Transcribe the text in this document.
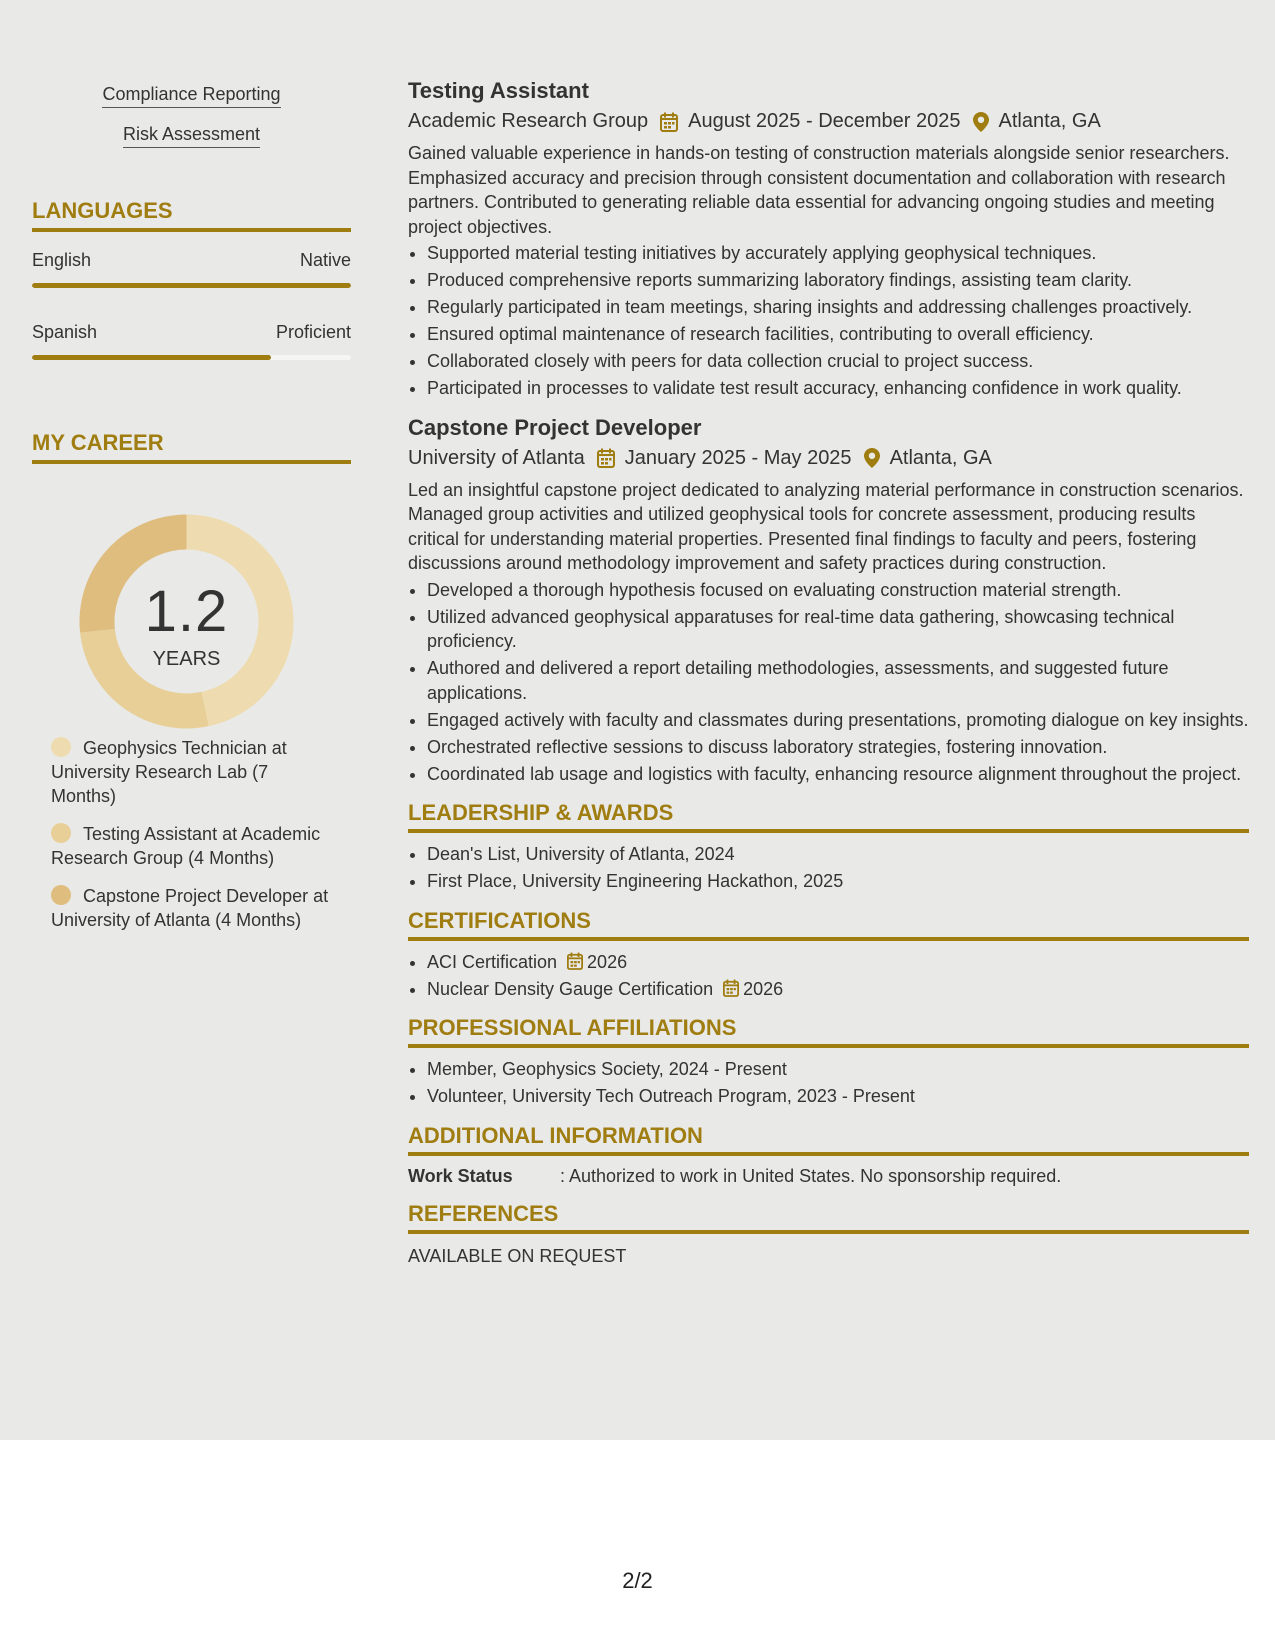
Compliance Reporting
Risk Assessment
LANGUAGES
English	Native
Spanish	Proficient
MY CAREER
1.2
YEARS
Geophysics Technician at University Research Lab (7 Months)
Testing Assistant at Academic Research Group (4 Months)
Capstone Project Developer at University of Atlanta (4 Months)
Testing Assistant
Academic Research Group August 2025 - December 2025 Atlanta, GA

Gained valuable experience in hands-on testing of construction materials alongside senior researchers. Emphasized accuracy and precision through consistent documentation and collaboration with research partners. Contributed to generating reliable data essential for advancing ongoing studies and meeting project objectives.

• Supported material testing initiatives by accurately applying geophysical techniques.
• Produced comprehensive reports summarizing laboratory findings, assisting team clarity.
• Regularly participated in team meetings, sharing insights and addressing challenges proactively.
• Ensured optimal maintenance of research facilities, contributing to overall efficiency.
• Collaborated closely with peers for data collection crucial to project success.
• Participated in processes to validate test result accuracy, enhancing confidence in work quality.
Capstone Project Developer
University of Atlanta January 2025 - May 2025 Atlanta, GA

Led an insightful capstone project dedicated to analyzing material performance in construction scenarios. Managed group activities and utilized geophysical tools for concrete assessment, producing results critical for understanding material properties. Presented final findings to faculty and peers, fostering discussions around methodology improvement and safety practices during construction.

• Developed a thorough hypothesis focused on evaluating construction material strength.
• Utilized advanced geophysical apparatuses for real-time data gathering, showcasing technical proficiency.
• Authored and delivered a report detailing methodologies, assessments, and suggested future applications.
• Engaged actively with faculty and classmates during presentations, promoting dialogue on key insights.
• Orchestrated reflective sessions to discuss laboratory strategies, fostering innovation.
• Coordinated lab usage and logistics with faculty, enhancing resource alignment throughout the project.
LEADERSHIP & AWARDS
• Dean's List, University of Atlanta, 2024
• First Place, University Engineering Hackathon, 2025
CERTIFICATIONS
• ACI Certification 2026
• Nuclear Density Gauge Certification 2026
PROFESSIONAL AFFILIATIONS
• Member, Geophysics Society, 2024 - Present
• Volunteer, University Tech Outreach Program, 2023 - Present
ADDITIONAL INFORMATION
Work Status	: Authorized to work in United States. No sponsorship required.
REFERENCES
AVAILABLE ON REQUEST
2/2
